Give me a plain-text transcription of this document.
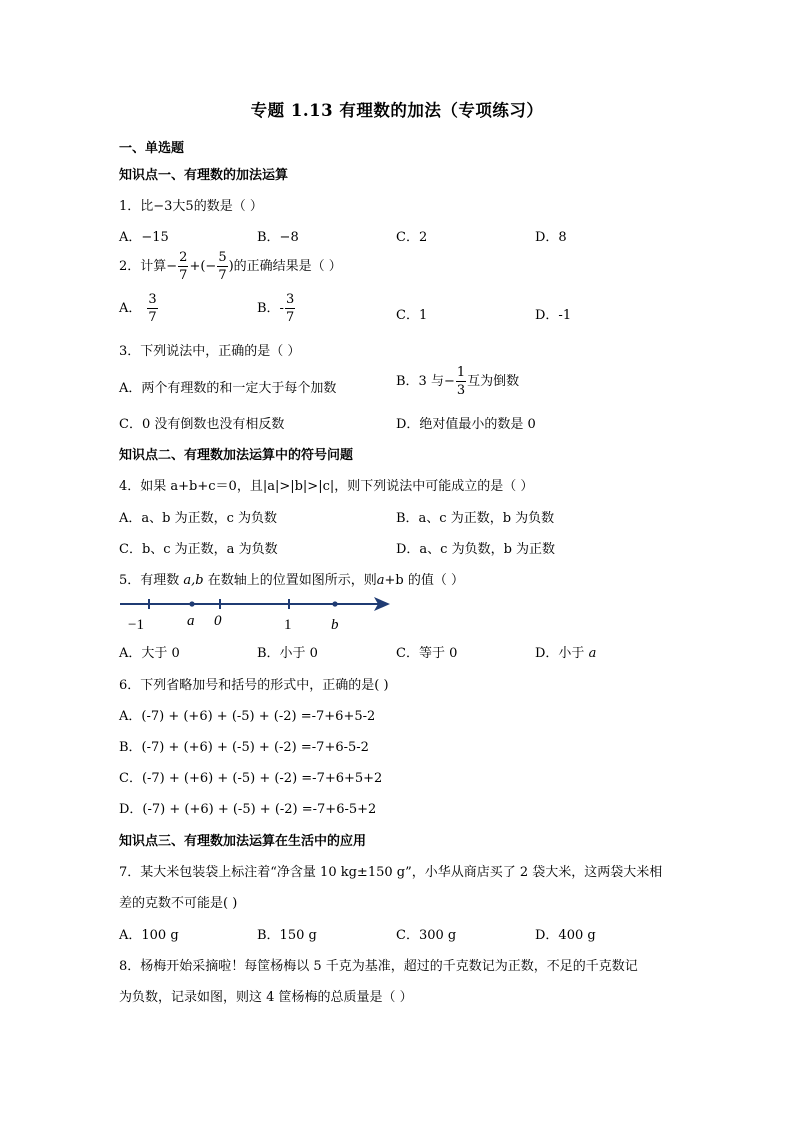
专题 1.13 有理数的加法（专项练习）
一、单选题
知识点一、有理数的加法运算
1．比−3大5的数是（ ）
A．−15	B．−8	C．2	D．8
2．计算− $\frac{2}{7}$ +(− $\frac{5}{7}$ )的正确结果是（ ）
A． $\frac{3}{7}$	B．- $\frac{3}{7}$	C．1	D．-1
3．下列说法中，正确的是（ ）
A．两个有理数的和一定大于每个加数	B．3 与− $\frac{1}{3}$ 互为倒数
C．0 没有倒数也没有相反数	D．绝对值最小的数是 0
知识点二、有理数加法运算中的符号问题
4．如果 a+b+c＝0，且|a|>|b|>|c|，则下列说法中可能成立的是（ ）
A．a、b 为正数，c 为负数	B．a、c 为正数，b 为负数
C．b、c 为正数，a 为负数	D．a、c 为负数，b 为正数
5．有理数 a,b 在数轴上的位置如图所示，则a+b 的值（ ）
−1	a 0	1	b
A．大于 0	B．小于 0	C．等于 0	D．小于 a
6．下列省略加号和括号的形式中，正确的是( )
A．(-7) + (+6) + (-5) + (-2) =-7+6+5-2
B．(-7) + (+6) + (-5) + (-2) =-7+6-5-2
C．(-7) + (+6) + (-5) + (-2) =-7+6+5+2
D．(-7) + (+6) + (-5) + (-2) =-7+6-5+2
知识点三、有理数加法运算在生活中的应用
7．某大米包装袋上标注着“净含量 10 kg±150 g”，小华从商店买了 2 袋大米，这两袋大米相
差的克数不可能是( )
A．100 g	B．150 g	C．300 g	D．400 g
8．杨梅开始采摘啦！每筐杨梅以 5 千克为基准，超过的千克数记为正数，不足的千克数记
为负数，记录如图，则这 4 筐杨梅的总质量是（ ）
